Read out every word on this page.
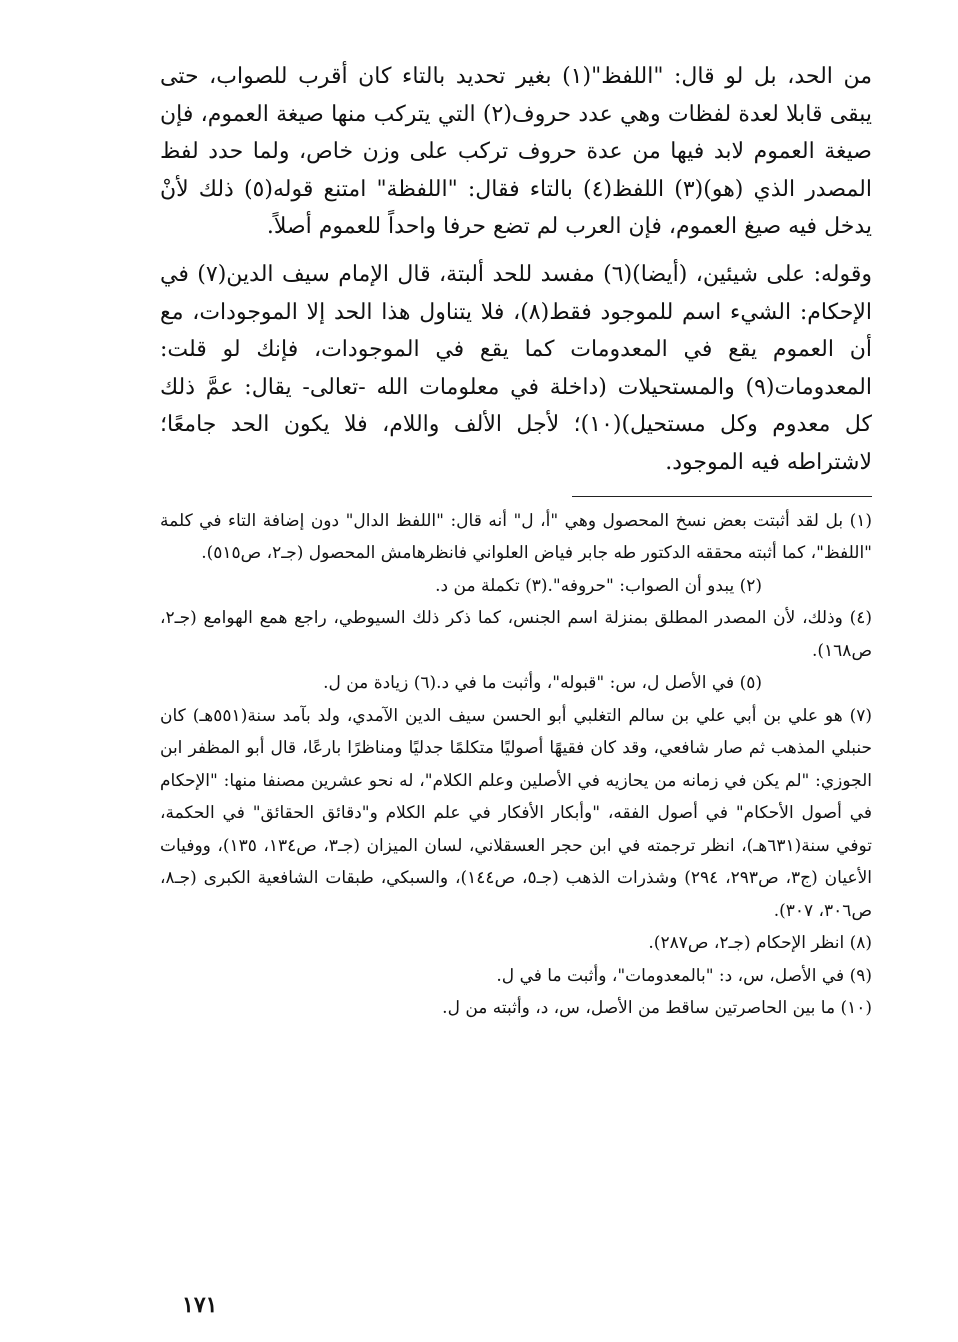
من الحد، بل لو قال: "اللفظ"(١) بغير تحديد بالتاء كان أقرب للصواب، حتى يبقى قابلا لعدة لفظات وهي عدد حروف(٢) التي يتركب منها صيغة العموم، فإن صيغة العموم لابد فيها من عدة حروف تركب على وزن خاص، ولما حدد لفظ المصدر الذي (هو)(٣) اللفظ(٤) بالتاء فقال: "اللفظة" امتنع قوله(٥) ذلك لأنْ يدخل فيه صيغ العموم، فإن العرب لم تضع حرفا واحداً للعموم أصلاً.

وقوله: على شيئين، (أيضا)(٦) مفسد للحد ألبتة، قال الإمام سيف الدين(٧) في الإحكام: الشيء اسم للموجود فقط(٨)، فلا يتناول هذا الحد إلا الموجودات، مع أن العموم يقع في المعدومات كما يقع في الموجودات، فإنك لو قلت: المعدومات(٩) والمستحيلات (داخلة في معلومات الله -تعالى- يقال: عمَّ ذلك كل معدوم وكل مستحيل)(١٠)؛ لأجل الألف واللام، فلا يكون الحد جامعًا؛ لاشتراطه فيه الموجود.

(١) بل لقد أثبتت بعض نسخ المحصول وهي "أ، ل" أنه قال: "اللفظ الدال" دون إضافة التاء في كلمة "اللفظ"، كما أثبته محققه الدكتور طه جابر فياض العلواني فانظرهامش المحصول (جـ٢، ص٥١٥).

(٢) يبدو أن الصواب: "حروفه".
(٣) تكملة من د.

(٤) وذلك، لأن المصدر المطلق بمنزلة اسم الجنس، كما ذكر ذلك السيوطي، راجع همع الهوامع (جـ٢، ص١٦٨).

(٥) في الأصل ل، س: "قبوله"، وأثبت ما في د.
(٦) زيادة من ل.

(٧) هو علي بن أبي علي بن سالم التغلبي أبو الحسن سيف الدين الآمدي، ولد بآمد سنة(٥٥١هـ) كان حنبلي المذهب ثم صار شافعي، وقد كان فقيهًا أصوليًا متكلمًا جدليًا ومناظرًا بارعًا، قال أبو المظفر ابن الجوزي: "لم يكن في زمانه من يحازيه في الأصلين وعلم الكلام"، له نحو عشرين مصنفا منها: "الإحكام في أصول الأحكام" في أصول الفقه، "وأبكار الأفكار في علم الكلام و"دقائق الحقائق" في الحكمة، توفي سنة(٦٣١هـ)، انظر ترجمته في ابن حجر العسقلاني، لسان الميزان (جـ٣، ص١٣٤، ١٣٥)، ووفيات الأعيان (ج٣، ص٢٩٣، ٢٩٤) وشذرات الذهب (جـ٥، ص١٤٤)، والسبكي، طبقات الشافعية الكبرى (جـ٨، ص٣٠٦، ٣٠٧).

(٨) انظر الإحكام (جـ٢، ص٢٨٧).

(٩) في الأصل، س، د: "بالمعدومات"، وأثبت ما في ل.

(١٠) ما بين الحاصرتين ساقط من الأصل، س، د، وأثبته من ل.

١٧١
